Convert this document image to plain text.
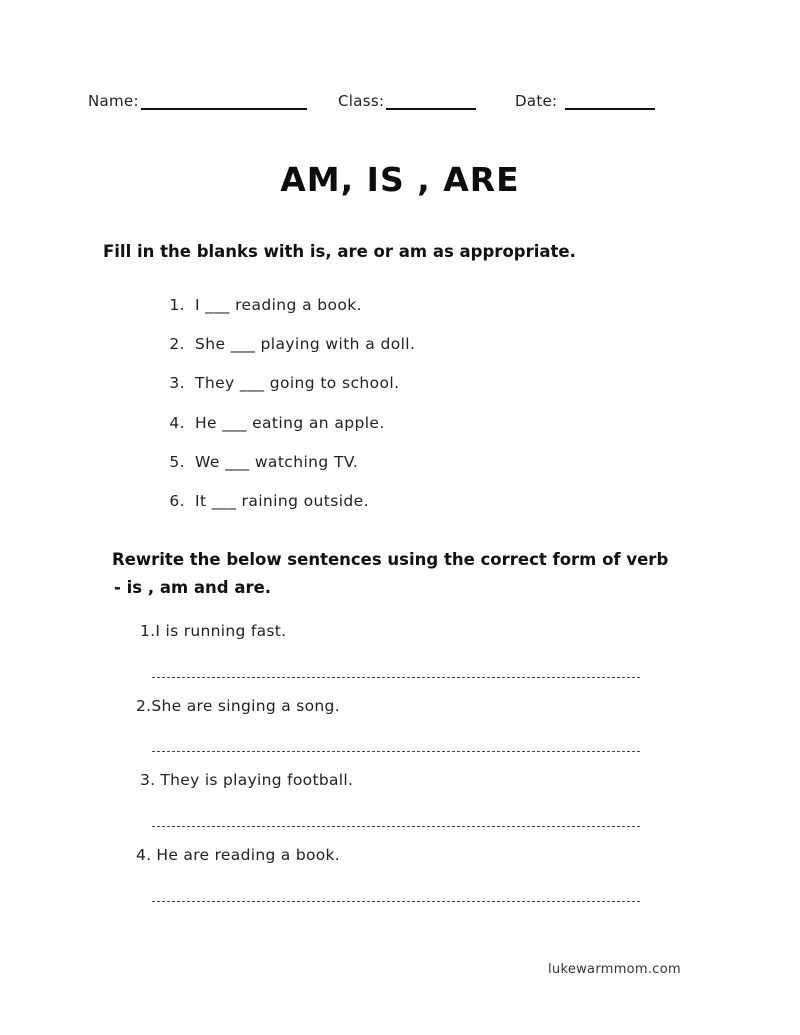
Name:	Class:	Date:
AM, IS , ARE
Fill in the blanks with is, are or am as appropriate.
1. I ___ reading a book.
2. She ___ playing with a doll.
3. They ___ going to school.
4. He ___ eating an apple.
5. We ___ watching TV.
6. It ___ raining outside.
Rewrite the below sentences using the correct form of verb
- is , am and are.
1.I is running fast.
2.She are singing a song.
3. They is playing football.
4. He are reading a book.
lukewarmmom.com
